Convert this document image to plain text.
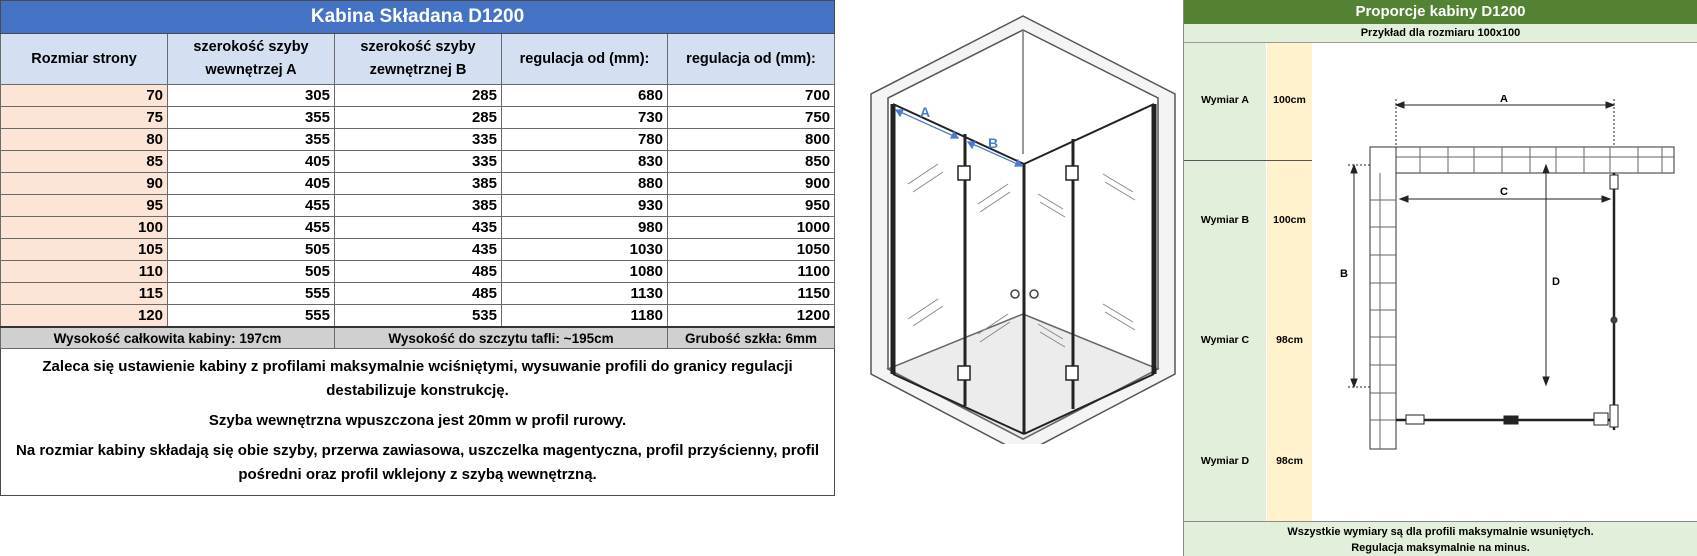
Kabina Składana D1200				
Rozmiar strony	szerokość szyby wewnętrzej A	szerokość szyby zewnętrznej B	regulacja od (mm):	regulacja od (mm):
70	305	285	680	700
75	355	285	730	750
80	355	335	780	800
85	405	335	830	850
90	405	385	880	900
95	455	385	930	950
100	455	435	980	1000
105	505	435	1030	1050
110	505	485	1080	1100
115	555	485	1130	1150
120	555	535	1180	1200
Wysokość całkowita kabiny: 197cm		Wysokość do szczytu tafli: ~195cm		Grubość szkła: 6mm

Zaleca się ustawienie kabiny z profilami maksymalnie wciśniętymi, wysuwanie profili do granicy regulacji destabilizuje konstrukcję.

Szyba wewnętrzna wpuszczona jest 20mm w profil rurowy.

Na rozmiar kabiny składają się obie szyby, przerwa zawiasowa, uszczelka magentyczna, profil przyścienny, profil pośredni oraz profil wklejony z szybą wewnętrzną.				

A
B
Proporcje kabiny D1200
Przykład dla rozmiaru 100x100
Wymiar A	100cm
Wymiar B	100cm
Wymiar C	98cm
Wymiar D	98cm
A
C
B
D
Wszystkie wymiary są dla profili maksymalnie wsuniętych.
Regulacja maksymalnie na minus.
